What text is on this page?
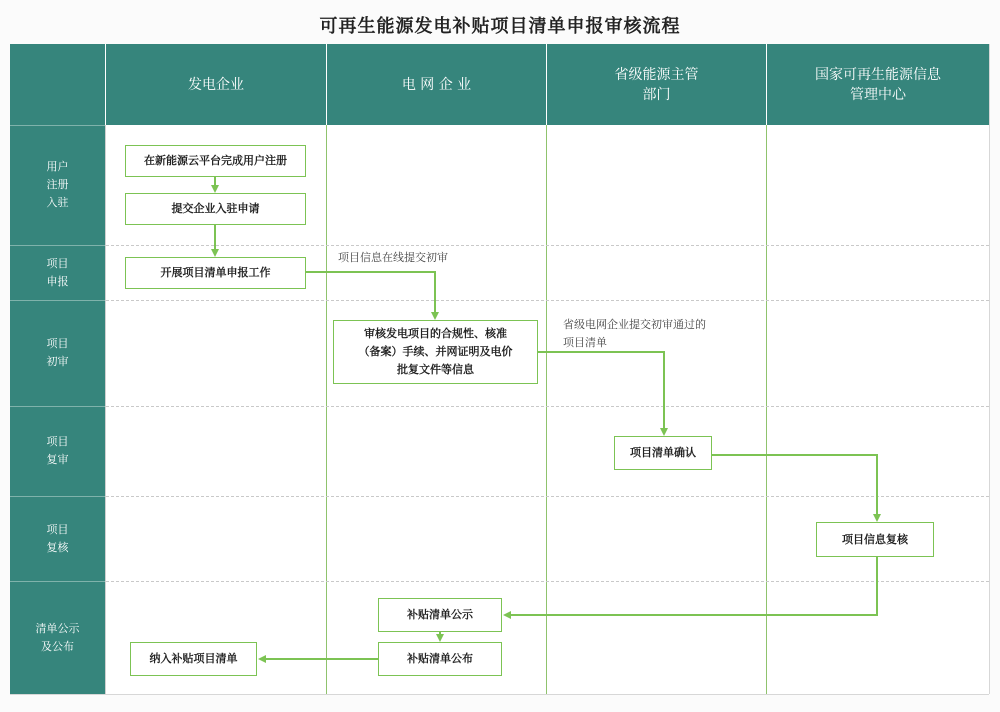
可再生能源发电补贴项目清单申报审核流程
发电企业	电 网 企 业
省级能源主管
部门
国家可再生能源信息
管理中心
用户
注册
入驻
项目
申报
项目
初审
项目
复审
项目
复核
清单公示
及公布
在新能源云平台完成用户注册
提交企业入驻申请
开展项目清单申报工作
审核发电项目的合规性、核准
（备案）手续、并网证明及电价
批复文件等信息
项目清单确认
项目信息复核
补贴清单公示
补贴清单公布
纳入补贴项目清单
项目信息在线提交初审
省级电网企业提交初审通过的
项目清单
